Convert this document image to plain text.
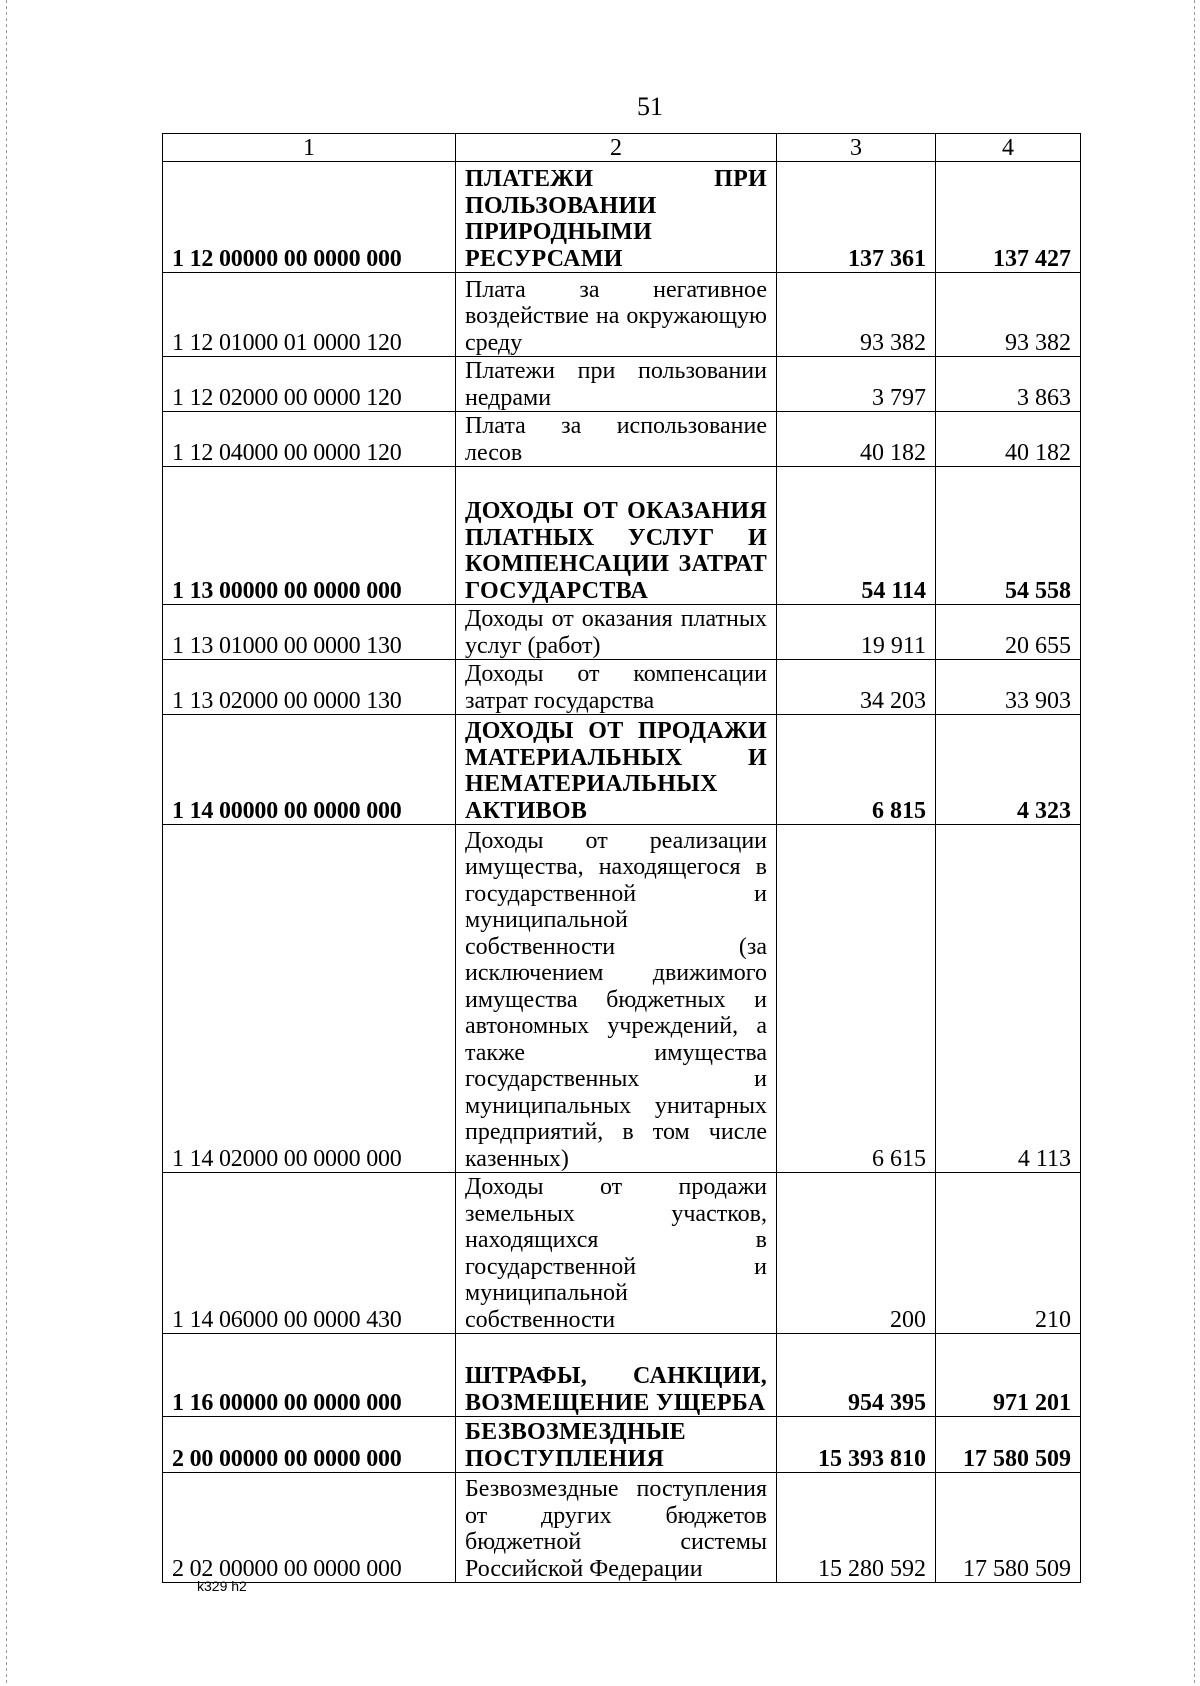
51
1	2	3	4
1 12 00000 00 0000 000	ПЛАТЕЖИ ПРИ ПОЛЬЗОВАНИИ ПРИРОДНЫМИ РЕСУРСАМИ	137 361	137 427
1 12 01000 01 0000 120	Плата за негативное воздействие на окружающую среду	93 382	93 382
1 12 02000 00 0000 120	Платежи при пользовании недрами	3 797	3 863
1 12 04000 00 0000 120	Плата за использование лесов	40 182	40 182
1 13 00000 00 0000 000	ДОХОДЫ ОТ ОКАЗАНИЯ ПЛАТНЫХ УСЛУГ И КОМПЕНСАЦИИ ЗАТРАТ ГОСУДАРСТВА	54 114	54 558
1 13 01000 00 0000 130	Доходы от оказания платных услуг (работ)	19 911	20 655
1 13 02000 00 0000 130	Доходы от компенсации затрат государства	34 203	33 903
1 14 00000 00 0000 000	ДОХОДЫ ОТ ПРОДАЖИ МАТЕРИАЛЬНЫХ И НЕМАТЕРИАЛЬНЫХ АКТИВОВ	6 815	4 323
1 14 02000 00 0000 000	Доходы от реализации имущества, находящегося в государственной и муниципальной собственности (за исключением движимого имущества бюджетных и автономных учреждений, а также имущества государственных и муниципальных унитарных предприятий, в том числе казенных)	6 615	4 113
1 14 06000 00 0000 430	Доходы от продажи земельных участков, находящихся в государственной и муниципальной собственности	200	210
1 16 00000 00 0000 000	ШТРАФЫ, САНКЦИИ, ВОЗМЕЩЕНИЕ УЩЕРБА	954 395	971 201
2 00 00000 00 0000 000	БЕЗВОЗМЕЗДНЫЕ ПОСТУПЛЕНИЯ	15 393 810	17 580 509
2 02 00000 00 0000 000	Безвозмездные поступления от других бюджетов бюджетной системы Российской Федерации	15 280 592	17 580 509
k329 h2
